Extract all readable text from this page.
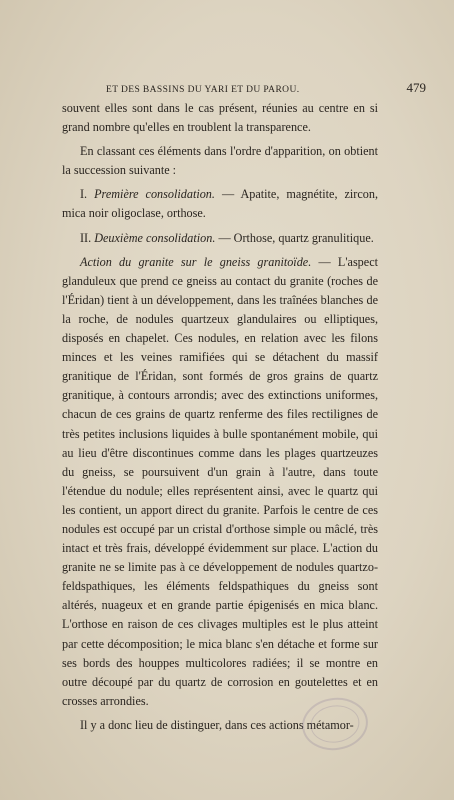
ET DES BASSINS DU YARI ET DU PAROU.	479

souvent elles sont dans le cas présent, réunies au centre en si grand nombre qu'elles en troublent la transparence.

En classant ces éléments dans l'ordre d'apparition, on obtient la succession suivante :

I. Première consolidation. — Apatite, magnétite, zircon, mica noir oligoclase, orthose.

II. Deuxième consolidation. — Orthose, quartz granulitique.

Action du granite sur le gneiss granitoïde. — L'aspect glanduleux que prend ce gneiss au contact du granite (roches de l'Éridan) tient à un développement, dans les traînées blanches de la roche, de nodules quartzeux glandulaires ou elliptiques, disposés en chapelet. Ces nodules, en relation avec les filons minces et les veines ramifiées qui se détachent du massif granitique de l'Éridan, sont formés de gros grains de quartz granitique, à contours arrondis; avec des extinctions uniformes, chacun de ces grains de quartz renferme des files rectilignes de très petites inclusions liquides à bulle spontanément mobile, qui au lieu d'être discontinues comme dans les plages quartzeuzes du gneiss, se poursuivent d'un grain à l'autre, dans toute l'étendue du nodule; elles représentent ainsi, avec le quartz qui les contient, un apport direct du granite. Parfois le centre de ces nodules est occupé par un cristal d'orthose simple ou mâclé, très intact et très frais, développé évidemment sur place. L'action du granite ne se limite pas à ce développement de nodules quartzo-feldspathiques, les éléments feldspathiques du gneiss sont altérés, nuageux et en grande partie épigenisés en mica blanc. L'orthose en raison de ces clivages multiples est le plus atteint par cette décomposition; le mica blanc s'en détache et forme sur ses bords des houppes multicolores radiées; il se montre en outre découpé par du quartz de corrosion en goutelettes et en crosses arrondies.

Il y a donc lieu de distinguer, dans ces actions métamor-
